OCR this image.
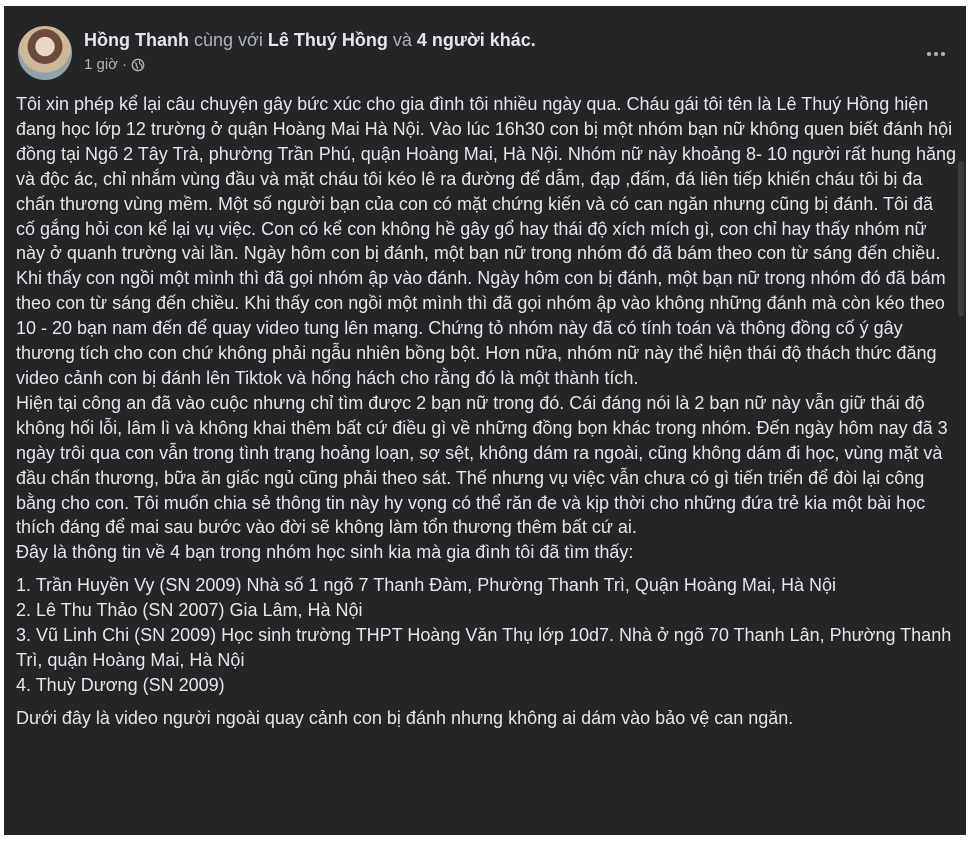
Hồng Thanh cùng với Lê Thuý Hồng và 4 người khác.
1 giờ ·

Tôi xin phép kể lại câu chuyện gây bức xúc cho gia đình tôi nhiều ngày qua. Cháu gái tôi tên là Lê Thuý Hồng hiện đang học lớp 12 trường ở quận Hoàng Mai Hà Nội. Vào lúc 16h30 con bị một nhóm bạn nữ không quen biết đánh hội đồng tại Ngõ 2 Tây Trà, phường Trần Phú, quận Hoàng Mai, Hà Nội. Nhóm nữ này khoảng 8- 10 người rất hung hăng và độc ác, chỉ nhắm vùng đầu và mặt cháu tôi kéo lê ra đường để dẫm, đạp ,đấm, đá liên tiếp khiến cháu tôi bị đa chấn thương vùng mềm. Một số người bạn của con có mặt chứng kiến và có can ngăn nhưng cũng bị đánh. Tôi đã cố gắng hỏi con kể lại vụ việc. Con có kể con không hề gây gổ hay thái độ xích mích gì, con chỉ hay thấy nhóm nữ này ở quanh trường vài lần. Ngày hôm con bị đánh, một bạn nữ trong nhóm đó đã bám theo con từ sáng đến chiều. Khi thấy con ngồi một mình thì đã gọi nhóm ập vào đánh. Ngày hôm con bị đánh, một bạn nữ trong nhóm đó đã bám theo con từ sáng đến chiều. Khi thấy con ngồi một mình thì đã gọi nhóm ập vào không những đánh mà còn kéo theo 10 - 20 bạn nam đến để quay video tung lên mạng. Chứng tỏ nhóm này đã có tính toán và thông đồng cố ý gây thương tích cho con chứ không phải ngẫu nhiên bồng bột. Hơn nữa, nhóm nữ này thể hiện thái độ thách thức đăng video cảnh con bị đánh lên Tiktok và hống hách cho rằng đó là một thành tích.

Hiện tại công an đã vào cuộc nhưng chỉ tìm được 2 bạn nữ trong đó. Cái đáng nói là 2 bạn nữ này vẫn giữ thái độ không hối lỗi, lâm lì và không khai thêm bất cứ điều gì về những đồng bọn khác trong nhóm. Đến ngày hôm nay đã 3 ngày trôi qua con vẫn trong tình trạng hoảng loạn, sợ sệt, không dám ra ngoài, cũng không dám đi học, vùng mặt và đầu chấn thương, bữa ăn giấc ngủ cũng phải theo sát. Thế nhưng vụ việc vẫn chưa có gì tiến triển để đòi lại công bằng cho con. Tôi muốn chia sẻ thông tin này hy vọng có thể răn đe và kịp thời cho những đứa trẻ kia một bài học thích đáng để mai sau bước vào đời sẽ không làm tổn thương thêm bất cứ ai.

Đây là thông tin về 4 bạn trong nhóm học sinh kia mà gia đình tôi đã tìm thấy:

1. Trần Huyền Vy (SN 2009) Nhà số 1 ngõ 7 Thanh Đàm, Phường Thanh Trì, Quận Hoàng Mai, Hà Nội

2. Lê Thu Thảo (SN 2007) Gia Lâm, Hà Nội

3. Vũ Linh Chi (SN 2009) Học sinh trường THPT Hoàng Văn Thụ lớp 10d7. Nhà ở ngõ 70 Thanh Lân, Phường Thanh Trì, quận Hoàng Mai, Hà Nội

4. Thuỳ Dương (SN 2009)

Dưới đây là video người ngoài quay cảnh con bị đánh nhưng không ai dám vào bảo vệ can ngăn.
